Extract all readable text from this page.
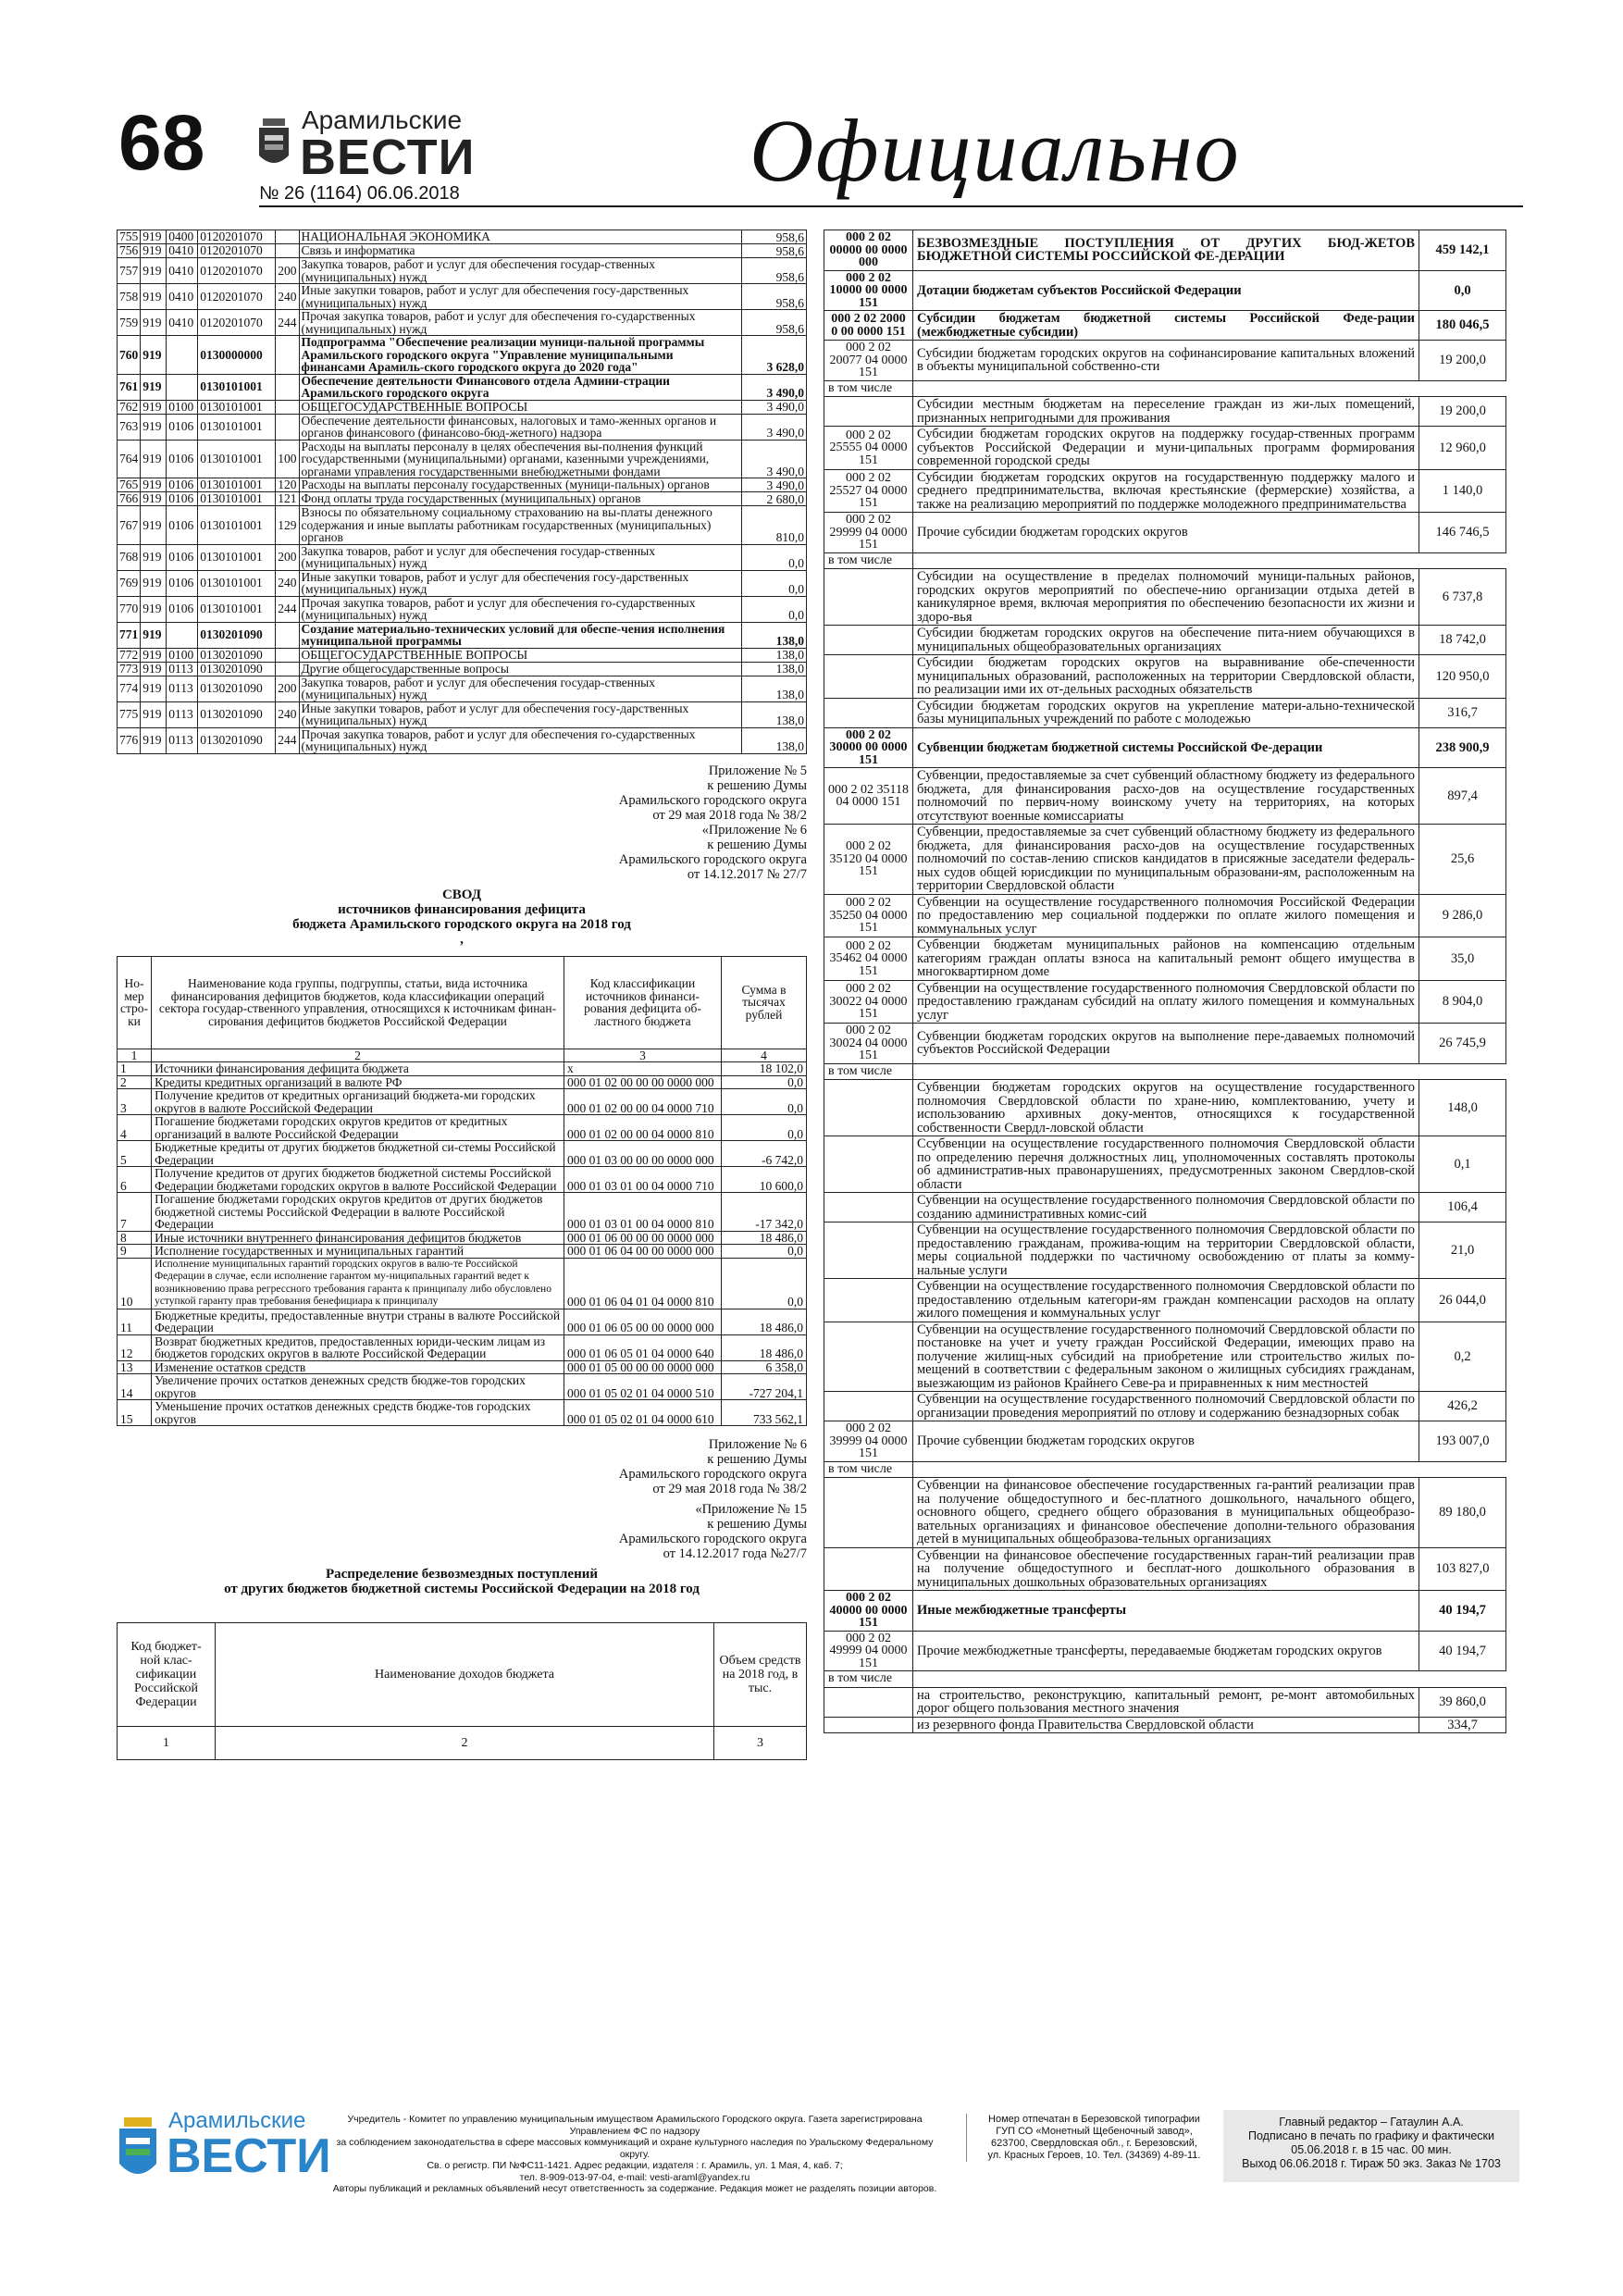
68	Арамильские
ВЕСТИ
№ 26 (1164) 06.06.2018	Официально
755	919	0400	0120201070		НАЦИОНАЛЬНАЯ ЭКОНОМИКА	958,6
756	919	0410	0120201070		Связь и информатика	958,6
757	919	0410	0120201070	200	Закупка товаров, работ и услуг для обеспечения государ-ственных (муниципальных) нужд	958,6
758	919	0410	0120201070	240	Иные закупки товаров, работ и услуг для обеспечения госу-дарственных (муниципальных) нужд	958,6
759	919	0410	0120201070	244	Прочая закупка товаров, работ и услуг для обеспечения го-сударственных (муниципальных) нужд	958,6
760	919		0130000000		Подпрограмма "Обеспечение реализации муници-пальной программы Арамильского городского округа "Управление муниципальными финансами Арамиль-ского городского округа до 2020 года"	3 628,0
761	919		0130101001		Обеспечение деятельности Финансового отдела Админи-страции Арамильского городского округа	3 490,0
762	919	0100	0130101001		ОБЩЕГОСУДАРСТВЕННЫЕ ВОПРОСЫ	3 490,0
763	919	0106	0130101001		Обеспечение деятельности финансовых, налоговых и тамо-женных органов и органов финансового (финансово-бюд-жетного) надзора	3 490,0
764	919	0106	0130101001	100	Расходы на выплаты персоналу в целях обеспечения вы-полнения функций государственными (муниципальными) органами, казенными учреждениями, органами управления государственными внебюджетными фондами	3 490,0
765	919	0106	0130101001	120	Расходы на выплаты персоналу государственных (муници-пальных) органов	3 490,0
766	919	0106	0130101001	121	Фонд оплаты труда государственных (муниципальных) органов	2 680,0
767	919	0106	0130101001	129	Взносы по обязательному социальному страхованию на вы-платы денежного содержания и иные выплаты работникам государственных (муниципальных) органов	810,0
768	919	0106	0130101001	200	Закупка товаров, работ и услуг для обеспечения государ-ственных (муниципальных) нужд	0,0
769	919	0106	0130101001	240	Иные закупки товаров, работ и услуг для обеспечения госу-дарственных (муниципальных) нужд	0,0
770	919	0106	0130101001	244	Прочая закупка товаров, работ и услуг для обеспечения го-сударственных (муниципальных) нужд	0,0
771	919		0130201090		Создание материально-технических условий для обеспе-чения исполнения муниципальной программы	138,0
772	919	0100	0130201090		ОБЩЕГОСУДАРСТВЕННЫЕ ВОПРОСЫ	138,0
773	919	0113	0130201090		Другие общегосударственные вопросы	138,0
774	919	0113	0130201090	200	Закупка товаров, работ и услуг для обеспечения государ-ственных (муниципальных) нужд	138,0
775	919	0113	0130201090	240	Иные закупки товаров, работ и услуг для обеспечения госу-дарственных (муниципальных) нужд	138,0
776	919	0113	0130201090	244	Прочая закупка товаров, работ и услуг для обеспечения го-сударственных (муниципальных) нужд	138,0
Приложение № 5
к решению Думы
Арамильского городского округа
от 29 мая 2018 года № 38/2
«Приложение № 6
к решению Думы
Арамильского городского округа
от 14.12.2017 № 27/7
СВОД
источников финансирования дефицита
бюджета Арамильского городского округа на 2018 год
,
Но-мер стро-ки	Наименование кода группы, подгруппы, статьи, вида источника финансирования дефицитов бюджетов, кода классификации операций сектора государ-ственного управления, относящихся к источникам финан-сирования дефицитов бюджетов Российской Федерации	Код классификации источников финанси-рования дефицита об-ластного бюджета	Сумма в тысячах рублей
1	2	3	4
1	Источники финансирования дефицита бюджета	х	18 102,0
2	Кредиты кредитных организаций в валюте РФ	000 01 02 00 00 00 0000 000	0,0
3	Получение кредитов от кредитных организаций бюджета-ми городских округов в валюте Российской Федерации	000 01 02 00 00 04 0000 710	0,0
4	Погашение бюджетами городских округов кредитов от кредитных организаций в валюте Российской Федерации	000 01 02 00 00 04 0000 810	0,0
5	Бюджетные кредиты от других бюджетов бюджетной си-стемы Российской Федерации	000 01 03 00 00 00 0000 000	-6 742,0
6	Получение кредитов от других бюджетов бюджетной системы Российской Федерации бюджетами городских округов в валюте Российской Федерации	000 01 03 01 00 04 0000 710	10 600,0
7	Погашение бюджетами городских округов кредитов от других бюджетов бюджетной системы Российской Федерации в валюте Российской Федерации	000 01 03 01 00 04 0000 810	-17 342,0
8	Иные источники внутреннего финансирования дефицитов бюджетов	000 01 06 00 00 00 0000 000	18 486,0
9	Исполнение государственных и муниципальных гарантий	000 01 06 04 00 00 0000 000	0,0
10	Исполнение муниципальных гарантий городских округов в валю-те Российской Федерации в случае, если исполнение гарантом му-ниципальных гарантий ведет к возникновению права регрессного требования гаранта к принципалу либо обусловлено уступкой гаранту прав требования бенефициара к принципалу	000 01 06 04 01 04 0000 810	0,0
11	Бюджетные кредиты, предоставленные внутри страны в валюте Российской Федерации	000 01 06 05 00 00 0000 000	18 486,0
12	Возврат бюджетных кредитов, предоставленных юриди-ческим лицам из бюджетов городских округов в валюте Российской Федерации	000 01 06 05 01 04 0000 640	18 486,0
13	Изменение остатков средств	000 01 05 00 00 00 0000 000	6 358,0
14	Увеличение прочих остатков денежных средств бюдже-тов городских округов	000 01 05 02 01 04 0000 510	-727 204,1
15	Уменьшение прочих остатков денежных средств бюдже-тов городских округов	000 01 05 02 01 04 0000 610	733 562,1
Приложение № 6
к решению Думы
Арамильского городского округа
от 29 мая 2018 года № 38/2
«Приложение № 15
к решению Думы
Арамильского городского округа
от 14.12.2017 года №27/7
Распределение безвозмездных поступлений
от других бюджетов бюджетной системы Российской Федерации на 2018 год
Код бюджет-ной клас-сификации Российской Федерации	Наименование доходов бюджета	Объем средств на 2018 год, в тыс.
1	2	3
000 2 02 00000 00 0000 000	БЕЗВОЗМЕЗДНЫЕ ПОСТУПЛЕНИЯ ОТ ДРУГИХ БЮД-ЖЕТОВ БЮДЖЕТНОЙ СИСТЕМЫ РОССИЙСКОЙ ФЕ-ДЕРАЦИИ	459 142,1
000 2 02 10000 00 0000 151	Дотации бюджетам субъектов Российской Федерации	0,0
000 2 02 2000 0 00 0000 151	Субсидии бюджетам бюджетной системы Российской Феде-рации (межбюджетные субсидии)	180 046,5
000 2 02 20077 04 0000 151	Субсидии бюджетам городских округов на софинансирование капитальных вложений в объекты муниципальной собственно-сти	19 200,0
в том числе		
	Субсидии местным бюджетам на переселение граждан из жи-лых помещений, признанных непригодными для проживания	19 200,0
000 2 02 25555 04 0000 151	Субсидии бюджетам городских округов на поддержку государ-ственных программ субъектов Российской Федерации и муни-ципальных программ формирования современной городской среды	12 960,0
000 2 02 25527 04 0000 151	Субсидии бюджетам городских округов на государственную поддержку малого и среднего предпринимательства, включая крестьянские (фермерские) хозяйства, а также на реализацию мероприятий по поддержке молодежного предпринимательства	1 140,0
000 2 02 29999 04 0000 151	Прочие субсидии бюджетам городских округов	146 746,5
в том числе		
	Субсидии на осуществление в пределах полномочий муници-пальных районов, городских округов мероприятий по обеспече-нию организации отдыха детей в каникулярное время, включая мероприятия по обеспечению безопасности их жизни и здоро-вья	6 737,8
	Субсидии бюджетам городских округов на обеспечение пита-нием обучающихся в муниципальных общеобразовательных организациях	18 742,0
	Субсидии бюджетам городских округов на выравнивание обе-спеченности муниципальных образований, расположенных на территории Свердловской области, по реализации ими их от-дельных расходных обязательств	120 950,0
	Субсидии бюджетам городских округов на укрепление матери-ально-технической базы муниципальных учреждений по работе с молодежью	316,7
000 2 02 30000 00 0000 151	Субвенции бюджетам бюджетной системы Российской Фе-дерации	238 900,9
000 2 02 35118 04 0000 151	Субвенции, предоставляемые за счет субвенций областному бюджету из федерального бюджета, для финансирования расхо-дов на осуществление государственных полномочий по первич-ному воинскому учету на территориях, на которых отсутствуют военные комиссариаты	897,4
000 2 02 35120 04 0000 151	Субвенции, предоставляемые за счет субвенций областному бюджету из федерального бюджета, для финансирования расхо-дов на осуществление государственных полномочий по состав-лению списков кандидатов в присяжные заседатели федераль-ных судов общей юрисдикции по муниципальным образовани-ям, расположенным на территории Свердловской области	25,6
000 2 02 35250 04 0000 151	Субвенции на осуществление государственного полномочия Российской Федерации по предоставлению мер социальной поддержки по оплате жилого помещения и коммунальных услуг	9 286,0
000 2 02 35462 04 0000 151	Субвенции бюджетам муниципальных районов на компенсацию отдельным категориям граждан оплаты взноса на капитальный ремонт общего имущества в многоквартирном доме	35,0
000 2 02 30022 04 0000 151	Субвенции на осуществление государственного полномочия Свердловской области по предоставлению гражданам субсидий на оплату жилого помещения и коммунальных услуг	8 904,0
000 2 02 30024 04 0000 151	Субвенции бюджетам городских округов на выполнение пере-даваемых полномочий субъектов Российской Федерации	26 745,9
в том числе		
	Субвенции бюджетам городских округов на осуществление государственного полномочия Свердловской области по хране-нию, комплектованию, учету и использованию архивных доку-ментов, относящихся к государственной собственности Свердл-ловской области	148,0
	Ссубвенции на осуществление государственного полномочия Свердловской области по определению перечня должностных лиц, уполномоченных составлять протоколы об административ-ных правонарушениях, предусмотренных законом Свердлов-ской области	0,1
	Субвенции на осуществление государственного полномочия Свердловской области по созданию административных комис-сий	106,4
	Субвенции на осуществление государственного полномочия Свердловской области по предоставлению гражданам, прожива-ющим на территории Свердловской области, меры социальной поддержки по частичному освобождению от платы за комму-нальные услуги	21,0
	Субвенции на осуществление государственного полномочия Свердловской области по предоставлению отдельным категори-ям граждан компенсации расходов на оплату жилого помещения и коммунальных услуг	26 044,0
	Субвенции на осуществление государственного полномочий Свердловской области по постановке на учет и учету граждан Российской Федерации, имеющих право на получение жилищ-ных субсидий на приобретение или строительство жилых по-мещений в соответствии с федеральным законом о жилищных субсидиях гражданам, выезжающим из районов Крайнего Севе-ра и приравненных к ним местностей	0,2
	Субвенции на осуществление государственного полномочий Свердловской области по организации проведения мероприятий по отлову и содержанию безнадзорных собак	426,2
000 2 02 39999 04 0000 151	Прочие субвенции бюджетам городских округов	193 007,0
в том числе		
	Субвенции на финансовое обеспечение государственных га-рантий реализации прав на получение общедоступного и бес-платного дошкольного, начального общего, основного общего, среднего общего образования в муниципальных общеобразо-вательных организациях и финансовое обеспечение дополни-тельного образования детей в муниципальных общеобразова-тельных организациях	89 180,0
	Субвенции на финансовое обеспечение государственных гаран-тий реализации прав на получение общедоступного и бесплат-ного дошкольного образования в муниципальных дошкольных образовательных организациях	103 827,0
000 2 02 40000 00 0000 151	Иные межбюджетные трансферты	40 194,7
000 2 02 49999 04 0000 151	Прочие межбюджетные трансферты, передаваемые бюджетам городских округов	40 194,7
в том числе		
	на строительство, реконструкцию, капитальный ремонт, ре-монт автомобильных дорог общего пользования местного значения	39 860,0
	из резервного фонда Правительства Свердловской области	334,7
Арамильские
ВЕСТИ
Учредитель - Комитет по управлению муниципальным имуществом Арамильского Городского округа. Газета зарегистрирована Управлением ФС по надзору
за соблюдением законодательства в сфере массовых коммуникаций и охране культурного наследия по Уральскому Федеральному округу.
Св. о регистр. ПИ №ФС11-1421. Адрес редакции, издателя : г. Арамиль, ул. 1 Мая, 4, каб. 7;
тел. 8-909-013-97-04, e-mail: vesti-araml@yandex.ru
Авторы публикаций и рекламных объявлений несут ответственность за содержание. Редакция может не разделять позиции авторов.
Номер отпечатан в Березовской типографии
ГУП СО «Монетный Щебеночный завод»,
623700, Свердловская обл., г. Березовский,
ул. Красных Героев, 10. Тел. (34369) 4-89-11.
Главный редактор – Гатаулин А.А.
Подписано в печать по графику и фактически
05.06.2018 г. в 15 час. 00 мин.
Выход 06.06.2018 г. Тираж 50 экз. Заказ № 1703
